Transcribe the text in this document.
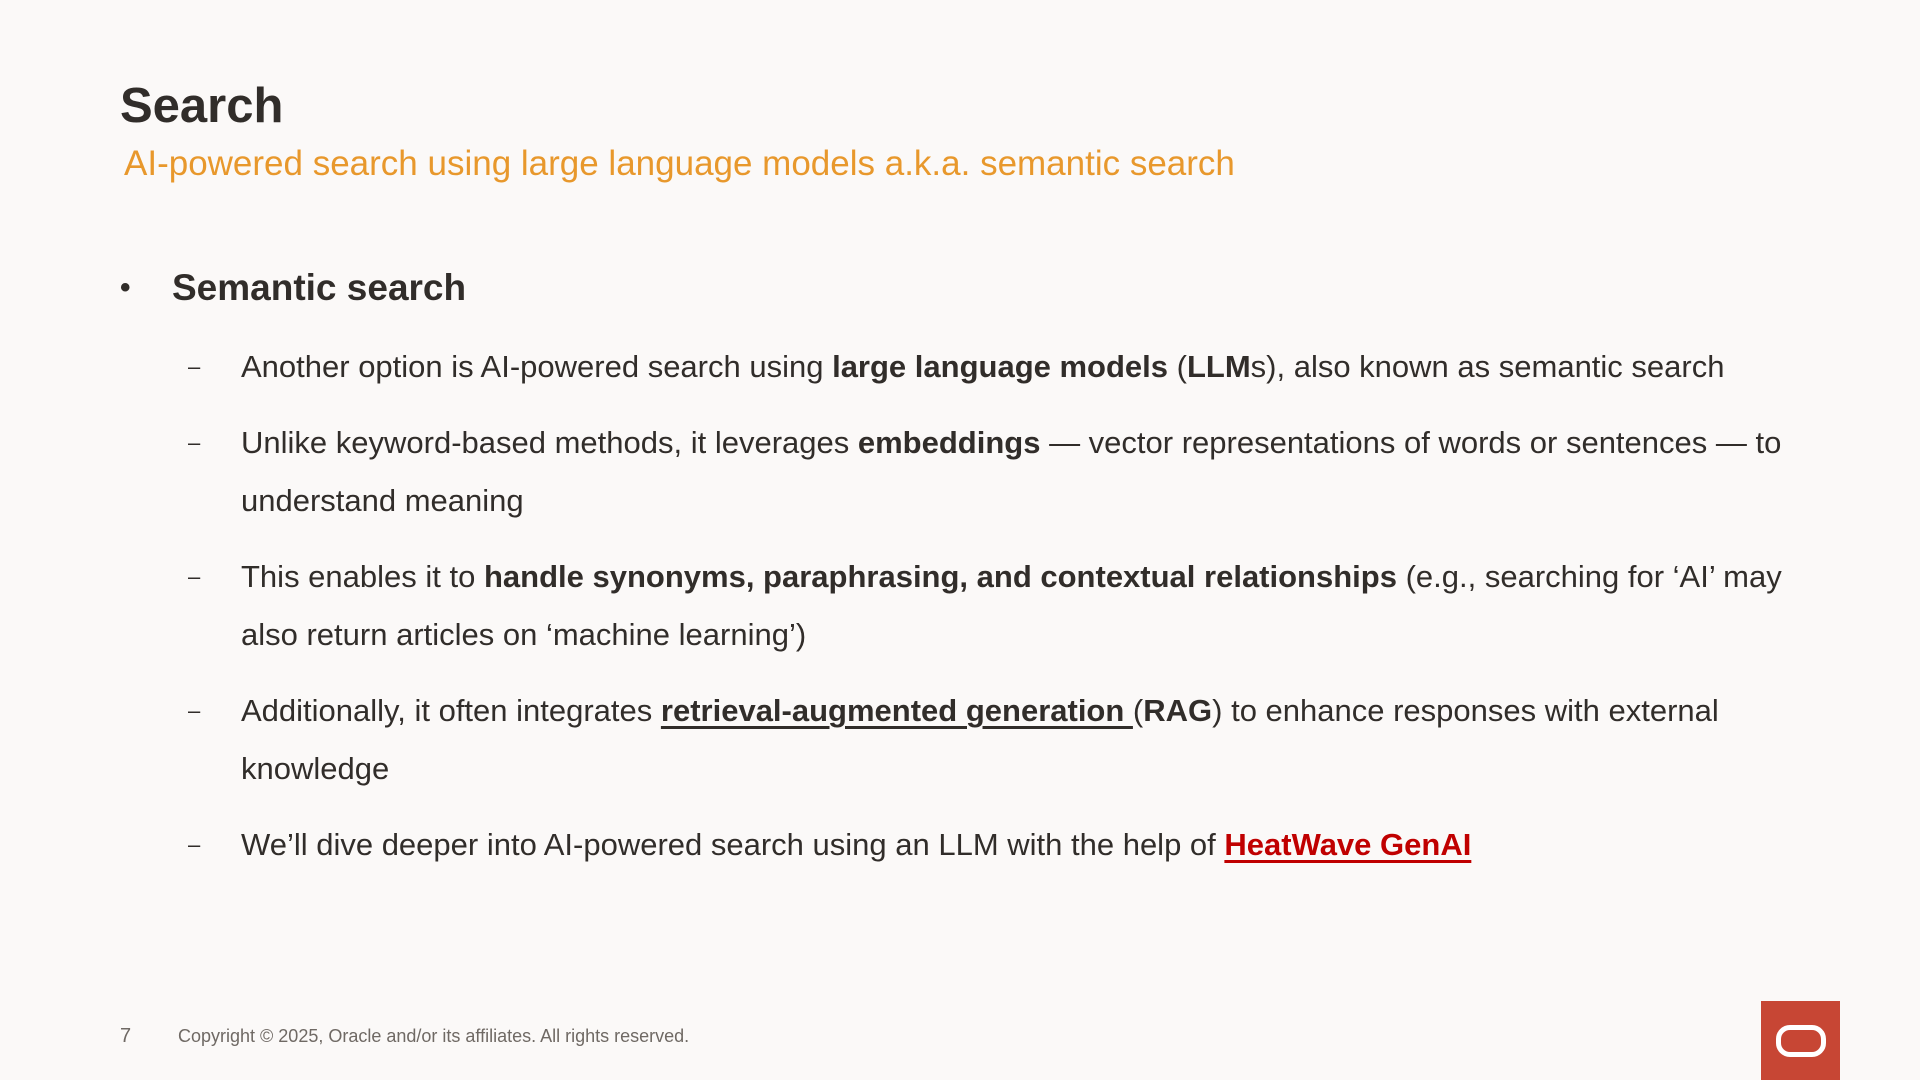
Search
AI-powered search using large language models a.k.a. semantic search
• Semantic search
– Another option is AI-powered search using large language models (LLMs), also known as semantic search
– Unlike keyword-based methods, it leverages embeddings — vector representations of words or sentences — to understand meaning
– This enables it to handle synonyms, paraphrasing, and contextual relationships (e.g., searching for ‘AI’ may also return articles on ‘machine learning’)
– Additionally, it often integrates retrieval-augmented generation (RAG) to enhance responses with external knowledge
– We’ll dive deeper into AI-powered search using an LLM with the help of HeatWave GenAI
7	Copyright © 2025, Oracle and/or its affiliates. All rights reserved.
